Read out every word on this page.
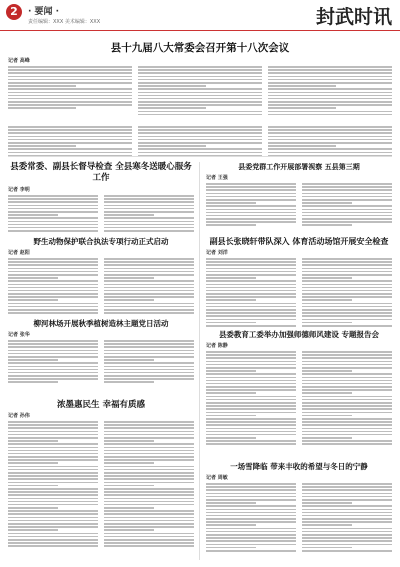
2	· 要闻 ·
责任编辑：XXX 美术编辑：XXX	封武时讯
县十九届八大常委会召开第十八次会议
记者 高峰
县委常委、副县长督导检查 全县寒冬送暖心服务工作
记者 李明
县委党群工作开展部署视察 五县第三期
记者 王强
野生动物保护联合执法专项行动正式启动
记者 赵阳
副县长张晓轩带队深入 体育活动场馆开展安全检查
记者 刘洋
柳河林场开展秋季植树造林主题党日活动
记者 张华	县委教育工委举办加强师德师风建设 专题报告会
记者 陈静
浓墨惠民生 幸福有质感
记者 孙伟
一场雪降临 带来丰收的希望与冬日的宁静
记者 周敏
